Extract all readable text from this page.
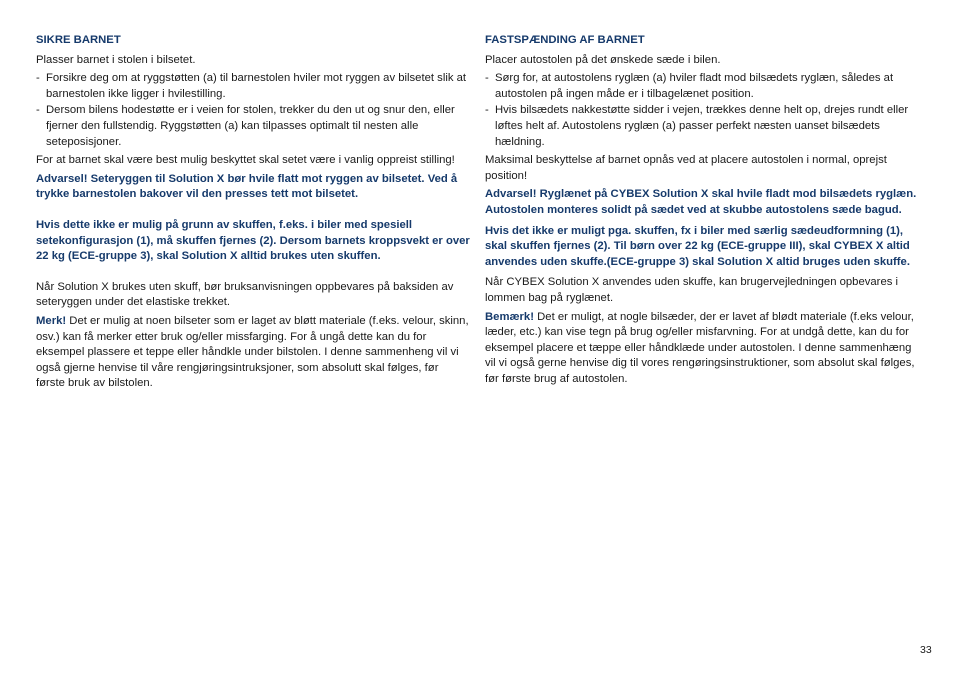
SIKRE BARNET

Plasser barnet i stolen i bilsetet.

- Forsikre deg om at ryggstøtten (a) til barnestolen hviler mot ryggen av bilsetet slik at barnestolen ikke ligger i hvilestilling.
- Dersom bilens hodestøtte er i veien for stolen, trekker du den ut og snur den, eller fjerner den fullstendig. Ryggstøtten (a) kan tilpasses optimalt til nesten alle seteposisjoner.

For at barnet skal være best mulig beskyttet skal setet være i vanlig oppreist stilling!

Advarsel! Seteryggen til Solution X bør hvile flatt mot ryggen av bilsetet. Ved å trykke barnestolen bakover vil den presses tett mot bilsetet.
Hvis dette ikke er mulig på grunn av skuffen, f.eks. i biler med spesiell setekonfigurasjon (1), må skuffen fjernes (2). Dersom barnets kroppsvekt er over 22 kg (ECE-gruppe 3), skal Solution X alltid brukes uten skuffen.

Når Solution X brukes uten skuff, bør bruksanvisningen oppbevares på baksiden av seteryggen under det elastiske trekket.

Merk! Det er mulig at noen bilseter som er laget av bløtt materiale (f.eks. velour, skinn, osv.) kan få merker etter bruk og/eller missfarging. For å ungå dette kan du for eksempel plassere et teppe eller håndkle under bilstolen. I denne sammenheng vil vi også gjerne henvise til våre rengjøringsintruksjoner, som absolutt skal følges, før første bruk av bilstolen.

FASTSPÆNDING AF BARNET

Placer autostolen på det ønskede sæde i bilen.

- Sørg for, at autostolens ryglæn (a) hviler fladt mod bilsædets ryglæn, således at autostolen på ingen måde er i tilbagelænet position.
- Hvis bilsædets nakkestøtte sidder i vejen, trækkes denne helt op, drejes rundt eller løftes helt af. Autostolens ryglæn (a) passer perfekt næsten uanset bilsædets hældning.

Maksimal beskyttelse af barnet opnås ved at placere autostolen i normal, oprejst position!

Advarsel! Ryglænet på CYBEX Solution X skal hvile fladt mod bilsædets ryglæn. Autostolen monteres solidt på sædet ved at skubbe autostolens sæde bagud.
Hvis det ikke er muligt pga. skuffen, fx i biler med særlig sædeudformning (1), skal skuffen fjernes (2). Til børn over 22 kg (ECE-gruppe III), skal CYBEX X altid anvendes uden skuffe.(ECE-gruppe 3) skal Solution X altid bruges uden skuffe.

Når CYBEX Solution X anvendes uden skuffe, kan brugervejledningen opbevares i lommen bag på ryglænet.

Bemærk! Det er muligt, at nogle bilsæder, der er lavet af blødt materiale (f.eks velour, læder, etc.) kan vise tegn på brug og/eller misfarvning. For at undgå dette, kan du for eksempel placere et tæppe eller håndklæde under autostolen. I denne sammenhæng vil vi også gerne henvise dig til vores rengøringsinstruktioner, som absolut skal følges, før første brug af autostolen.

33
